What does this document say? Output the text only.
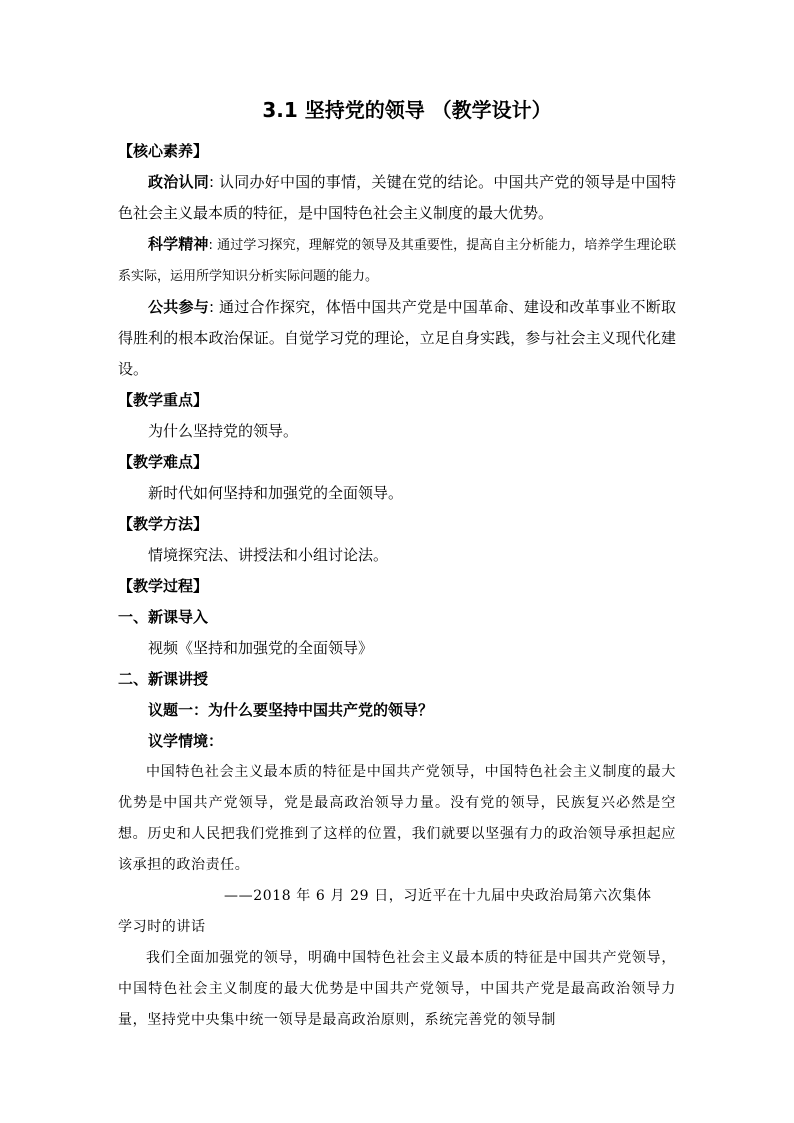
3.1 坚持党的领导 （教学设计）
【核心素养】
政治认同: 认同办好中国的事情，关键在党的结论。中国共产党的领导是中国特色社会主义最本质的特征，是中国特色社会主义制度的最大优势。
科学精神: 通过学习探究，理解党的领导及其重要性，提高自主分析能力，培养学生理论联系实际，运用所学知识分析实际问题的能力。
公共参与: 通过合作探究，体悟中国共产党是中国革命、建设和改革事业不断取得胜利的根本政治保证。自觉学习党的理论，立足自身实践，参与社会主义现代化建设。
【教学重点】
为什么坚持党的领导。
【教学难点】
新时代如何坚持和加强党的全面领导。
【教学方法】
情境探究法、讲授法和小组讨论法。
【教学过程】
一、新课导入
视频《坚持和加强党的全面领导》
二、新课讲授
议题一：为什么要坚持中国共产党的领导？
议学情境：
中国特色社会主义最本质的特征是中国共产党领导，中国特色社会主义制度的最大优势是中国共产党领导，党是最高政治领导力量。没有党的领导，民族复兴必然是空想。历史和人民把我们党推到了这样的位置，我们就要以坚强有力的政治领导承担起应该承担的政治责任。
——2018 年 6 月 29 日，习近平在十九届中央政治局第六次集体
学习时的讲话
我们全面加强党的领导，明确中国特色社会主义最本质的特征是中国共产党领导，中国特色社会主义制度的最大优势是中国共产党领导，中国共产党是最高政治领导力量，坚持党中央集中统一领导是最高政治原则，系统完善党的领导制
